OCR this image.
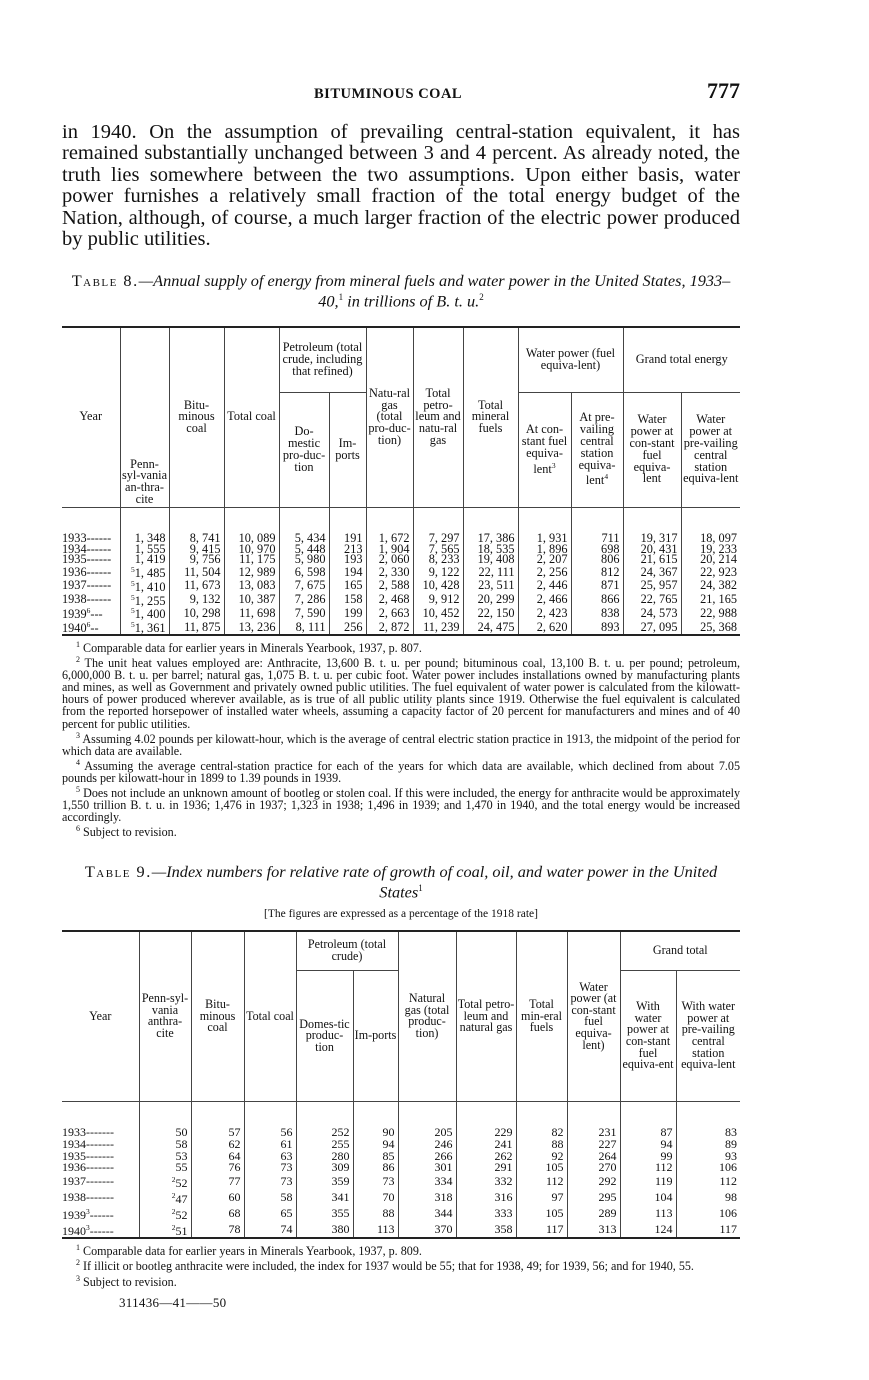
BITUMINOUS COAL	777

in 1940. On the assumption of prevailing central-station equivalent, it has remained substantially unchanged between 3 and 4 percent. As already noted, the truth lies somewhere between the two assumptions. Upon either basis, water power furnishes a relatively small fraction of the total energy budget of the Nation, although, of course, a much larger fraction of the electric power produced by public utilities.

Table 8.—Annual supply of energy from mineral fuels and water power in the United States, 1933–40,$^1$ in trillions of B. t. u.$^2$
Year	Penn-syl-vania an-thra-cite	Bitu-minous coal	Total coal	Petroleum (total crude, including that refined)		Natu-ral gas (total pro-duc-tion)	Total petro-leum and natu-ral gas	Total mineral fuels	Water power (fuel equiva-lent)		Grand total energy	
				Do-mestic pro-duc-tion	Im-ports				At con-stant fuel equiva-lent$^3$	At pre-vailing central station equiva-lent$^4$	Water power at con-stant fuel equiva-lent	Water power at pre-vailing central station equiva-lent

1933------	1, 348	8, 741	10, 089	5, 434	191	1, 672	7, 297	17, 386	1, 931	711	19, 317	18, 097
1934------	1, 555	9, 415	10, 970	5, 448	213	1, 904	7, 565	18, 535	1, 896	698	20, 431	19, 233
1935------	1, 419	9, 756	11, 175	5, 980	193	2, 060	8, 233	19, 408	2, 207	806	21, 615	20, 214
1936------	$^5$1, 485	11, 504	12, 989	6, 598	194	2, 330	9, 122	22, 111	2, 256	812	24, 367	22, 923
1937------	$^5$1, 410	11, 673	13, 083	7, 675	165	2, 588	10, 428	23, 511	2, 446	871	25, 957	24, 382
1938------	$^5$1, 255	9, 132	10, 387	7, 286	158	2, 468	9, 912	20, 299	2, 466	866	22, 765	21, 165
1939$^6$---	$^5$1, 400	10, 298	11, 698	7, 590	199	2, 663	10, 452	22, 150	2, 423	838	24, 573	22, 988
1940$^6$--	$^5$1, 361	11, 875	13, 236	8, 111	256	2, 872	11, 239	24, 475	2, 620	893	27, 095	25, 368
$^1$ Comparable data for earlier years in Minerals Yearbook, 1937, p. 807.
$^2$ The unit heat values employed are: Anthracite, 13,600 B. t. u. per pound; bituminous coal, 13,100 B. t. u. per pound; petroleum, 6,000,000 B. t. u. per barrel; natural gas, 1,075 B. t. u. per cubic foot. Water power includes installations owned by manufacturing plants and mines, as well as Government and privately owned public utilities. The fuel equivalent of water power is calculated from the kilowatt-hours of power produced wherever available, as is true of all public utility plants since 1919. Otherwise the fuel equivalent is calculated from the reported horsepower of installed water wheels, assuming a capacity factor of 20 percent for manufacturers and mines and of 40 percent for public utilities.
$^3$ Assuming 4.02 pounds per kilowatt-hour, which is the average of central electric station practice in 1913, the midpoint of the period for which data are available.
$^4$ Assuming the average central-station practice for each of the years for which data are available, which declined from about 7.05 pounds per kilowatt-hour in 1899 to 1.39 pounds in 1939.
$^5$ Does not include an unknown amount of bootleg or stolen coal. If this were included, the energy for anthracite would be approximately 1,550 trillion B. t. u. in 1936; 1,476 in 1937; 1,323 in 1938; 1,496 in 1939; and 1,470 in 1940, and the total energy would be increased accordingly.
$^6$ Subject to revision.
Table 9.—Index numbers for relative rate of growth of coal, oil, and water power in the United States$^1$
[The figures are expressed as a percentage of the 1918 rate]
Year	Penn-syl-vania anthra-cite	Bitu-minous coal	Total coal	Petroleum (total crude)		Natural gas (total produc-tion)	Total petro-leum and natural gas	Total min-eral fuels	Water power (at con-stant fuel equiva-lent)	Grand total	
				Domes-tic produc-tion	Im-ports					With water power at con-stant fuel equiva-ent	With water power at pre-vailing central station equiva-lent

1933-------	50	57	56	252	90	205	229	82	231	87	83
1934-------	58	62	61	255	94	246	241	88	227	94	89
1935-------	53	64	63	280	85	266	262	92	264	99	93
1936-------	55	76	73	309	86	301	291	105	270	112	106
1937-------	$^2$52	77	73	359	73	334	332	112	292	119	112
1938-------	$^2$47	60	58	341	70	318	316	97	295	104	98
1939$^3$------	$^2$52	68	65	355	88	344	333	105	289	113	106
1940$^3$------	$^2$51	78	74	380	113	370	358	117	313	124	117
$^1$ Comparable data for earlier years in Minerals Yearbook, 1937, p. 809.
$^2$ If illicit or bootleg anthracite were included, the index for 1937 would be 55; that for 1938, 49; for 1939, 56; and for 1940, 55.
$^3$ Subject to revision.
311436—41——50
